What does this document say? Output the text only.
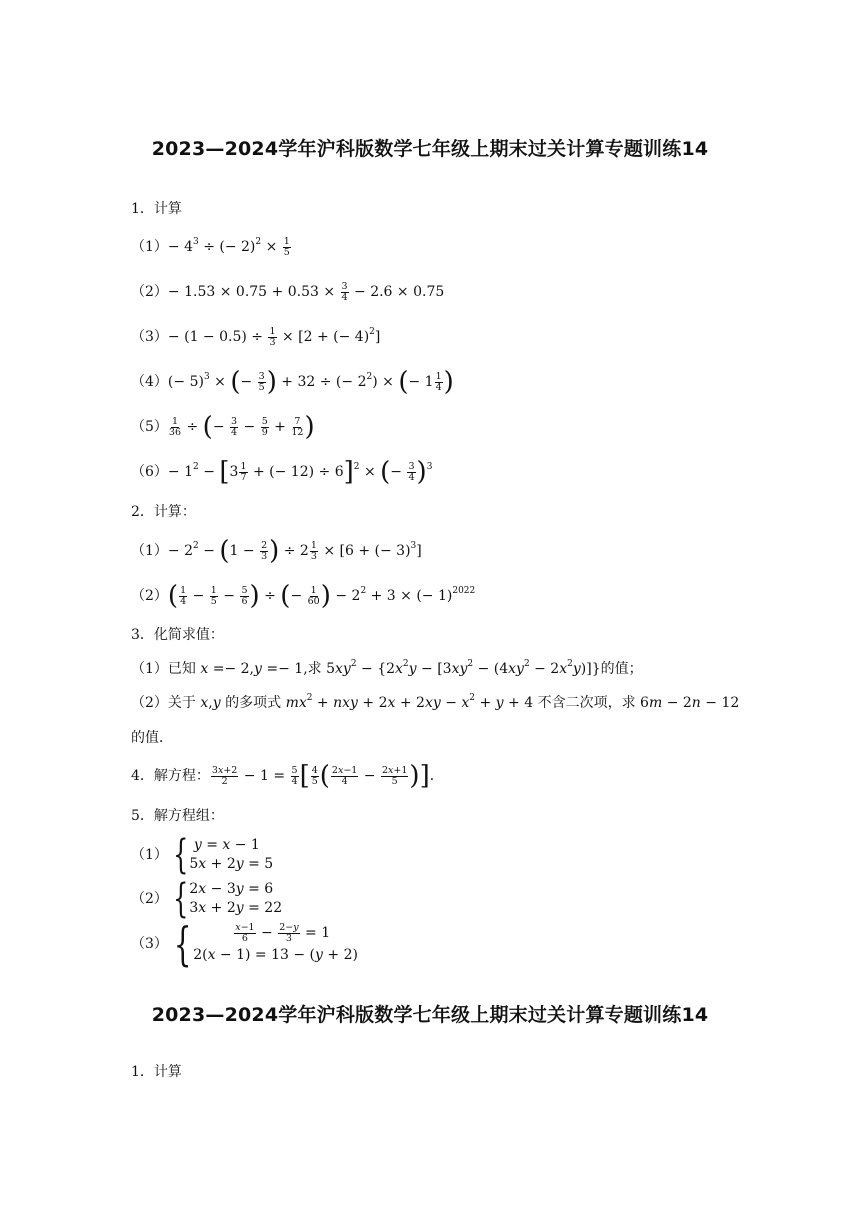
2023—2024学年沪科版数学七年级上期末过关计算专题训练14
1．计算
$(1)- 4^3$ ÷ (− $2)^2 \times \frac{1}{5}$
$(2)- 1.53 \times 0.75 + 0.53 \times \frac{3}{4} - 2.6 \times 0.75$
$(3)- (1 - 0.5) \div \frac{1}{3} \times [2$ + (− 4)$^2$]
$(4)(- 5)^3$ × (− $\frac{3}{5}$ ) + 32 ÷ (− $2^2$) × (− $1 \frac{1}{4}$ )
$(5) \frac{1}{36}$ ÷ (− $\frac{3}{4} - \frac{5}{9} + \frac{7}{12}$ )
$(6)- 1^2 - [3 \frac{1}{7}$ + (− 12) ÷ 6]$^2$ × (− $\frac{3}{4} )^3$
2．计算：
$(1)- 2^2 - (1 - \frac{2}{3}$ ) ÷ $2 \frac{1}{3} \times [6$ + (− 3)$^3$]
$(2)( \frac{1}{4} - \frac{1}{5} - \frac{5}{6}$ ) ÷ (− $\frac{1}{60}$ ) − $2^2 + 3$ × (− 1)$^{2022}$
3．化简求值：
（1）已知 x =− 2,y =− 1,求 $5xy^2 - \{2x^2y - [3xy^2 - (4xy^2 - 2x^2y)]\}$的值；
（2）关于 x,y 的多项式 $mx^2$ + nxy + $2x + 2xy - x^2 + y + 4$ 不含二次项，求 6m − 2n − 12
的值．
4．解方程： $\frac{3x+2}{2} - 1 = \frac{5}{4}$ [ $\frac{4}{5}$ ( $\frac{2x-1}{4} - \frac{2x+1}{5}$ )]．
5．解方程组：
（1） { y = x − 1
5x + 2y = 5
（2） { 2x − 3y = 6
3x + 2y = 22
（3） {	$\frac{x-1}{6} - \frac{2-y}{3} = 1$
2(x − 1) = 13 − (y + 2)
2023—2024学年沪科版数学七年级上期末过关计算专题训练14
1．计算
